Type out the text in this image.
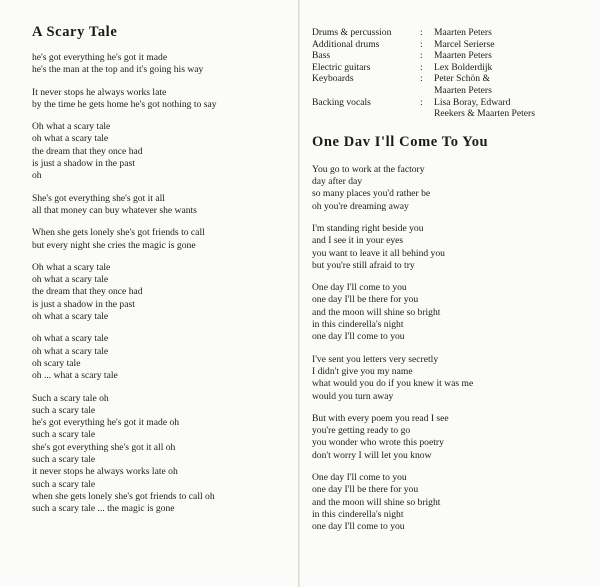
A Scary Tale
he's got everything he's got it made
he's the man at the top and it's going his way
It never stops he always works late
by the time he gets home he's got nothing to say
Oh what a scary tale
oh what a scary tale
the dream that they once had
is just a shadow in the past
oh
She's got everything she's got it all
all that money can buy whatever she wants
When she gets lonely she's got friends to call
but every night she cries the magic is gone
Oh what a scary tale
oh what a scary tale
the dream that they once had
is just a shadow in the past
oh what a scary tale
oh what a scary tale
oh what a scary tale
oh scary tale
oh ... what a scary tale
Such a scary tale oh
such a scary tale
he's got everything he's got it made oh
such a scary tale
she's got everything she's got it all oh
such a scary tale
it never stops he always works late oh
such a scary tale
when she gets lonely she's got friends to call oh
such a scary tale ... the magic is gone
Drums & percussion	:	Maarten Peters
Additional drums	:	Marcel Serierse
Bass	:	Maarten Peters
Electric guitars	:	Lex Bolderdijk
Keyboards	:	Peter Schön &
Maarten Peters
Backing vocals	:	Lisa Boray, Edward
Reekers & Maarten Peters
One Dav I'll Come To You
You go to work at the factory
day after day
so many places you'd rather be
oh you're dreaming away
I'm standing right beside you
and I see it in your eyes
you want to leave it all behind you
but you're still afraid to try
One day I'll come to you
one day I'll be there for you
and the moon will shine so bright
in this cinderella's night
one day I'll come to you
I've sent you letters very secretly
I didn't give you my name
what would you do if you knew it was me
would you turn away
But with every poem you read I see
you're getting ready to go
you wonder who wrote this poetry
don't worry I will let you know
One day I'll come to you
one day I'll be there for you
and the moon will shine so bright
in this cinderella's night
one day I'll come to you
